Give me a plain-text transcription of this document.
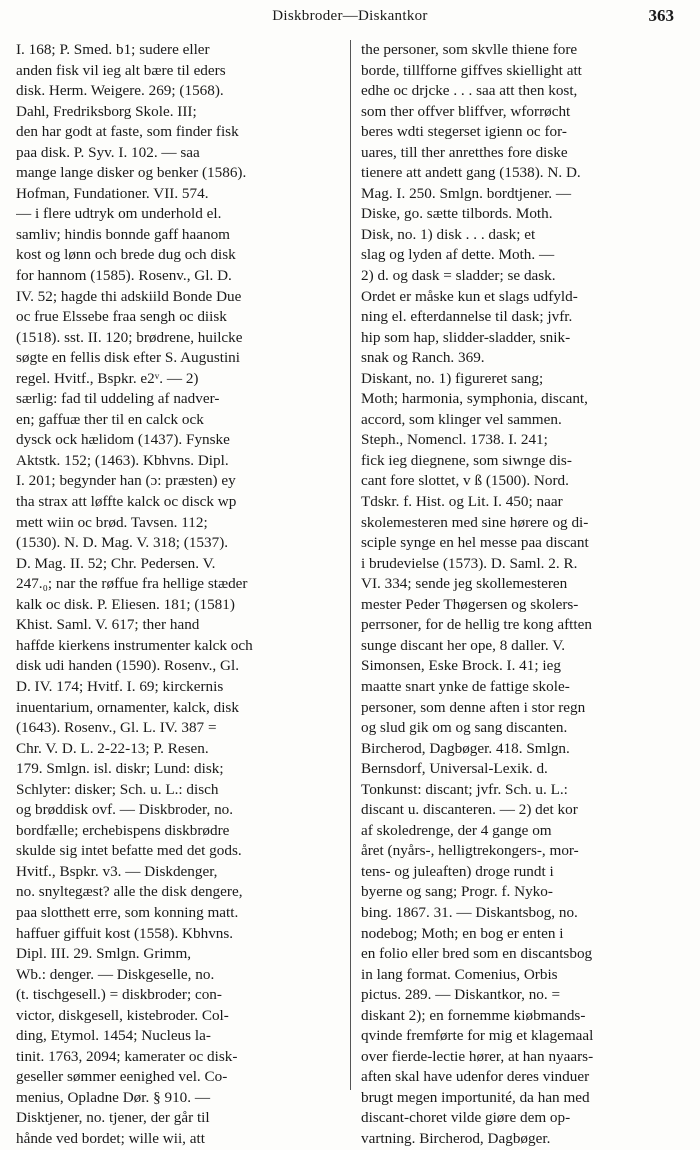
Diskbroder—Diskantkor	363
I. 168; P. Smed. b1; sudere eller
anden fisk vil ieg alt bære til eders
disk. Herm. Weigere. 269; (1568).
Dahl, Fredriksborg Skole. III;
den har godt at faste, som finder fisk
paa disk. P. Syv. I. 102. — saa
mange lange disker og benker (1586).
Hofman, Fundationer. VII. 574.
— i flere udtryk om underhold el.
samliv; hindis bonnde gaff haanom
kost og lønn och brede dug och disk
for hannom (1585). Rosenv., Gl. D.
IV. 52; hagde thi adskiild Bonde Due
oc frue Elssebe fraa sengh oc diisk
(1518). sst. II. 120; brødrene, huilcke
søgte en fellis disk efter S. Augustini
regel. Hvitf., Bspkr. e2ᵛ. — 2)
særlig: fad til uddeling af nadver-
en; gaffuæ ther til en calck ock
dysck ock hælidom (1437). Fynske
Aktstk. 152; (1463). Kbhvns. Dipl.
I. 201; begynder han (ɔ: præsten) ey
tha strax att løffte kalck oc disck wp
mett wiin oc brød. Tavsen. 112;
(1530). N. D. Mag. V. 318; (1537).
D. Mag. II. 52; Chr. Pedersen. V.
247.₀; nar the røffue fra hellige stæder
kalk oc disk. P. Eliesen. 181; (1581)
Khist. Saml. V. 617; ther hand
haffde kierkens instrumenter kalck och
disk udi handen (1590). Rosenv., Gl.
D. IV. 174; Hvitf. I. 69; kirckernis
inuentarium, ornamenter, kalck, disk
(1643). Rosenv., Gl. L. IV. 387 =
Chr. V. D. L. 2-22-13; P. Resen.
179. Smlgn. isl. diskr; Lund: disk;
Schlyter: disker; Sch. u. L.: disch
og brøddisk ovf. — Diskbroder, no.
bordfælle; erchebispens diskbrødre
skulde sig intet befatte med det gods.
Hvitf., Bspkr. v3. — Diskdenger,
no. snyltegæst? alle the disk dengere,
paa slotthett erre, som konning matt.
haffuer giffuit kost (1558). Kbhvns.
Dipl. III. 29. Smlgn. Grimm,
Wb.: denger. — Diskgeselle, no.
(t. tischgesell.) = diskbroder; con-
victor, diskgesell, kistebroder. Col-
ding, Etymol. 1454; Nucleus la-
tinit. 1763, 2094; kamerater oc disk-
geseller sømmer eenighed vel. Co-
menius, Opladne Dør. § 910. —
Disktjener, no. tjener, der går til
hånde ved bordet; wille wii, att
the personer, som skvlle thiene fore
borde, tillfforne giffves skiellight att
edhe oc drjcke . . . saa att then kost,
som ther offver bliffver, wforrøcht
beres wdti stegerset igienn oc for-
uares, till ther anretthes fore diske
tienere att andett gang (1538). N. D.
Mag. I. 250. Smlgn. bordtjener. —
Diske, go. sætte tilbords. Moth.
Disk, no. 1) disk . . . dask; et
slag og lyden af dette. Moth. —
2) d. og dask = sladder; se dask.
Ordet er måske kun et slags udfyld-
ning el. efterdannelse til dask; jvfr.
hip som hap, slidder-sladder, snik-
snak og Ranch. 369.
Diskant, no. 1) figureret sang;
Moth; harmonia, symphonia, discant,
accord, som klinger vel sammen.
Steph., Nomencl. 1738. I. 241;
fick ieg diegnene, som siwnge dis-
cant fore slottet, v ß (1500). Nord.
Tdskr. f. Hist. og Lit. I. 450; naar
skolemesteren med sine hørere og di-
sciple synge en hel messe paa discant
i brudevielse (1573). D. Saml. 2. R.
VI. 334; sende jeg skollemesteren
mester Peder Thøgersen og skolers-
perrsoner, for de hellig tre kong aftten
sunge discant her ope, 8 daller. V.
Simonsen, Eske Brock. I. 41; ieg
maatte snart ynke de fattige skole-
personer, som denne aften i stor regn
og slud gik om og sang discanten.
Bircherod, Dagbøger. 418. Smlgn.
Bernsdorf, Universal-Lexik. d.
Tonkunst: discant; jvfr. Sch. u. L.:
discant u. discanteren. — 2) det kor
af skoledrenge, der 4 gange om
året (nyårs-, helligtrekongers-, mor-
tens- og juleaften) droge rundt i
byerne og sang; Progr. f. Nyko-
bing. 1867. 31. — Diskantsbog, no.
nodebog; Moth; en bog er enten i
en folio eller bred som en discantsbog
in lang format. Comenius, Orbis
pictus. 289. — Diskantkor, no. =
diskant 2); en fornemme kiøbmands-
qvinde fremførte for mig et klagemaal
over fierde-lectie hører, at han nyaars-
aften skal have udenfor deres vinduer
brugt megen importunité, da han med
discant-choret vilde giøre dem op-
vartning. Bircherod, Dagbøger.
